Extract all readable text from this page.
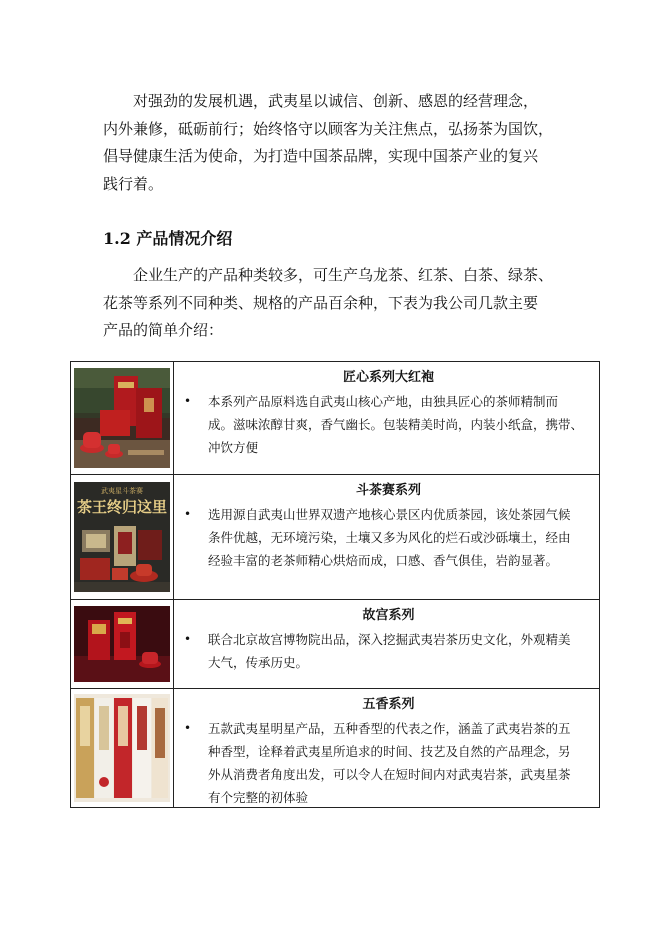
对强劲的发展机遇，武夷星以诚信、创新、感恩的经营理念，
内外兼修，砥砺前行；始终恪守以顾客为关注焦点，弘扬茶为国饮，
倡导健康生活为使命，为打造中国茶品牌，实现中国茶产业的复兴
践行着。
1.2 产品情况介绍
企业生产的产品种类较多，可生产乌龙茶、红茶、白茶、绿茶、
花茶等系列不同种类、规格的产品百余种，下表为我公司几款主要
产品的简单介绍：

匠心系列大红袍

•	本系列产品原料选自武夷山核心产地，由独具匠心的茶师精制而
成。滋味浓醇甘爽，香气幽长。包装精美时尚，内装小纸盒，携带、
冲饮方便
武夷星斗茶赛
茶王终归这里

斗茶赛系列

•	选用源自武夷山世界双遗产地核心景区内优质茶园，该处茶园气候
条件优越，无环境污染，土壤又多为风化的烂石或沙砾壤土，经由
经验丰富的老茶师精心烘焙而成，口感、香气俱佳，岩韵显著。

故宫系列

•	联合北京故宫博物院出品，深入挖掘武夷岩茶历史文化，外观精美
大气，传承历史。

五香系列

•	五款武夷星明星产品，五种香型的代表之作，涵盖了武夷岩茶的五
种香型，诠释着武夷星所追求的时间、技艺及自然的产品理念，另
外从消费者角度出发，可以令人在短时间内对武夷岩茶，武夷星茶
有个完整的初体验
